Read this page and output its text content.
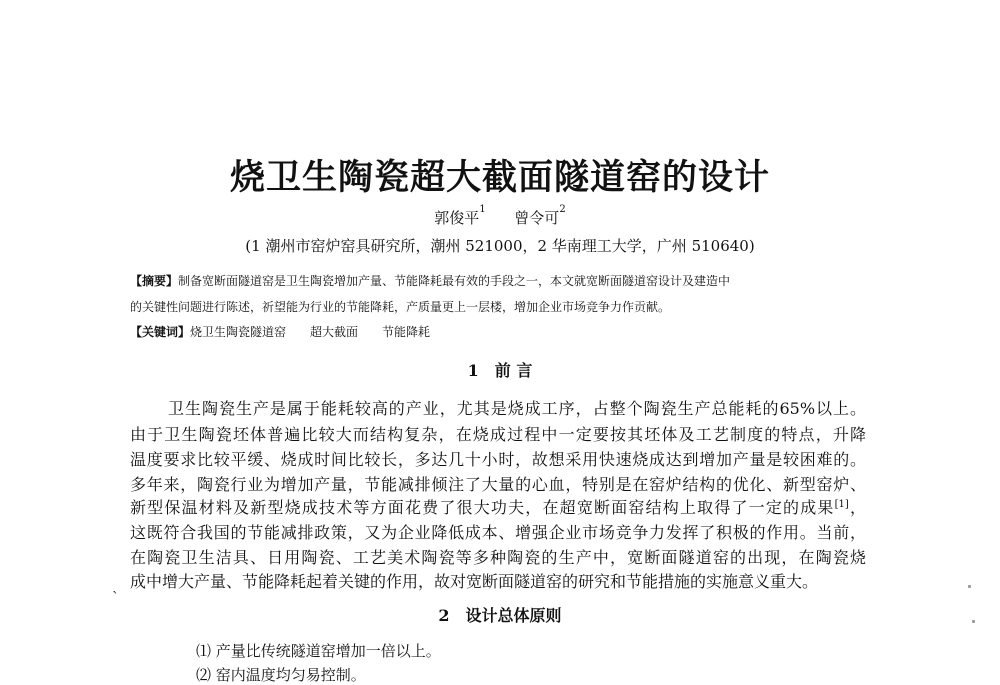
烧卫生陶瓷超大截面隧道窑的设计
郭俊平$^1$ 曾令可$^2$
(1 潮州市窑炉窑具研究所，潮州 521000，2 华南理工大学，广州 510640)
【摘要】制备宽断面隧道窑是卫生陶瓷增加产量、节能降耗最有效的手段之一，本文就宽断面隧道窑设计及建造中
的关键性问题进行陈述，祈望能为行业的节能降耗，产质量更上一层楼，增加企业市场竞争力作贡献。
【关键词】烧卫生陶瓷隧道窑　　超大截面　　节能降耗
1　前 言
卫生陶瓷生产是属于能耗较高的产业，尤其是烧成工序，占整个陶瓷生产总能耗的65%以上。
由于卫生陶瓷坯体普遍比较大而结构复杂，在烧成过程中一定要按其坯体及工艺制度的特点，升降
温度要求比较平缓、烧成时间比较长，多达几十小时，故想采用快速烧成达到增加产量是较困难的。
多年来，陶瓷行业为增加产量，节能减排倾注了大量的心血，特别是在窑炉结构的优化、新型窑炉、
新型保温材料及新型烧成技术等方面花费了很大功夫，在超宽断面窑结构上取得了一定的成果[1]，
这既符合我国的节能减排政策，又为企业降低成本、增强企业市场竞争力发挥了积极的作用。当前，
在陶瓷卫生洁具、日用陶瓷、工艺美术陶瓷等多种陶瓷的生产中，宽断面隧道窑的出现，在陶瓷烧
成中增大产量、节能降耗起着关键的作用，故对宽断面隧道窑的研究和节能措施的实施意义重大。
`
2　设计总体原则
⑴ 产量比传统隧道窑增加一倍以上。
⑵ 窑内温度均匀易控制。
